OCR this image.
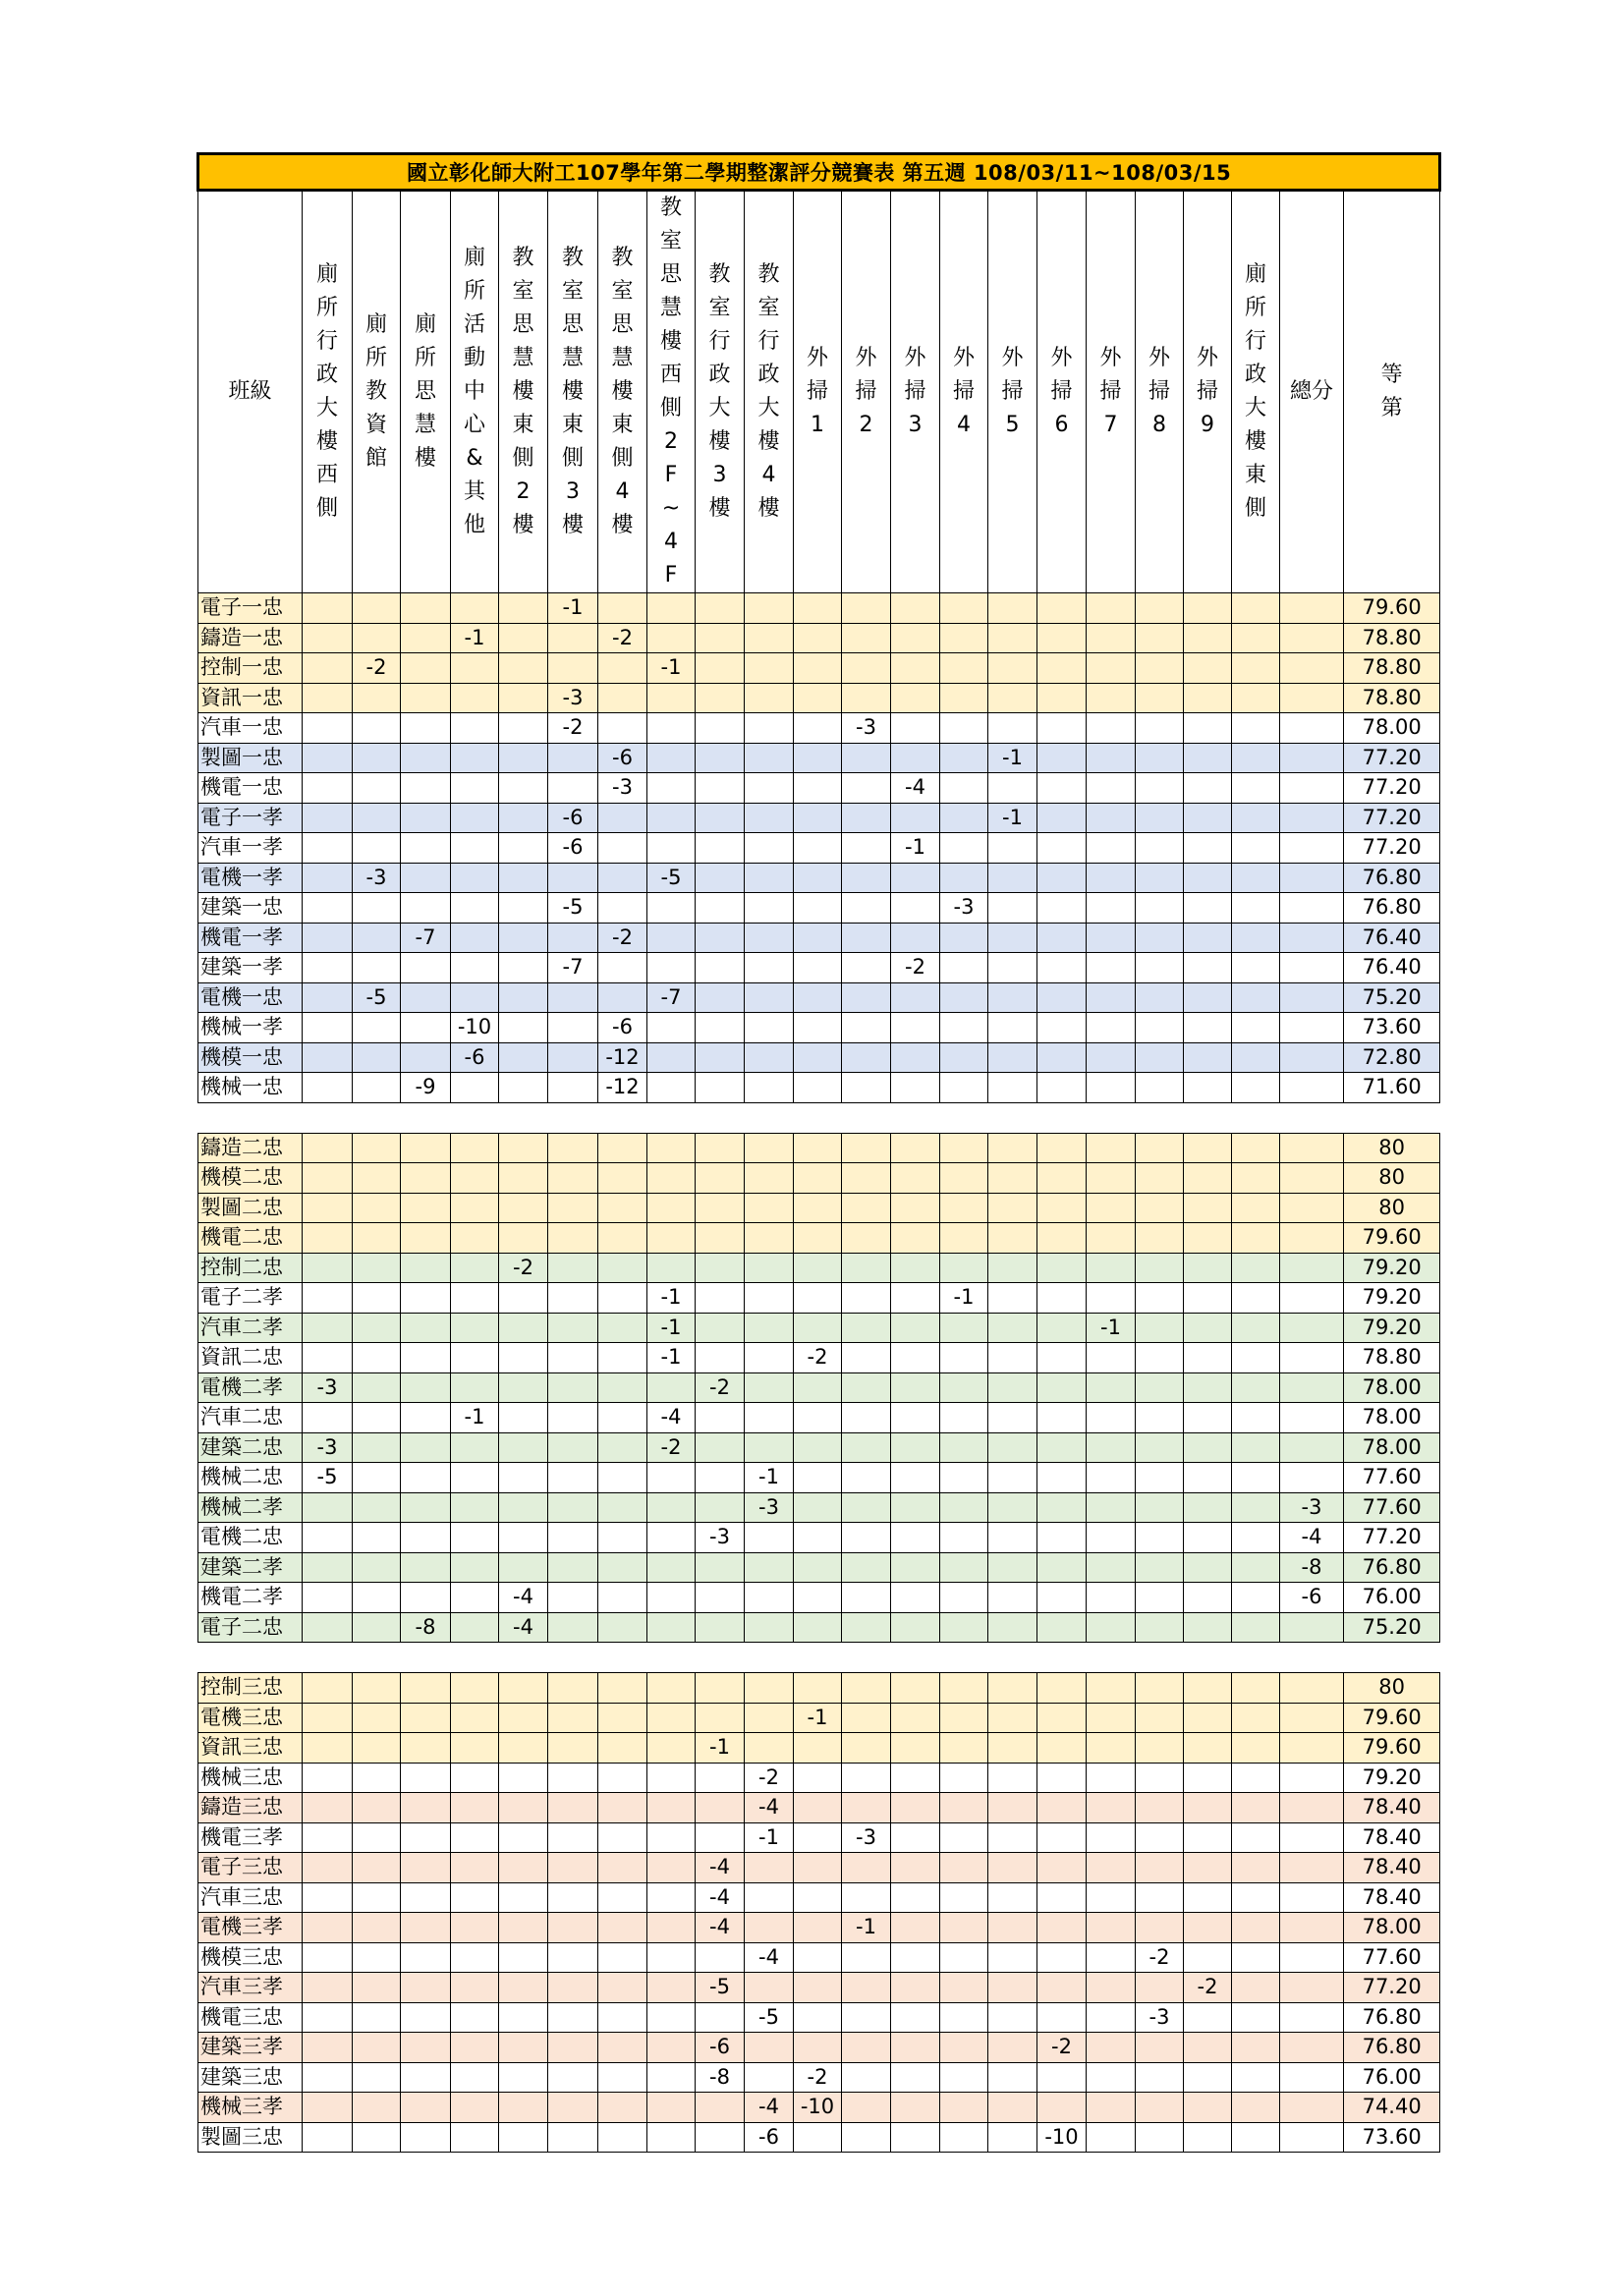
國立彰化師大附工107學年第二學期整潔評分競賽表 第五週 108/03/11~108/03/15																							
班級	廁所行政大樓西側	廁所教資館	廁所思慧樓	廁所活動中心&其他	教室思慧樓東側2樓	教室思慧樓東側3樓	教室思慧樓東側4樓	教室思慧樓西側2F~4F	教室行政大樓3樓	教室行政大樓4樓	外掃1	外掃2	外掃3	外掃4	外掃5	外掃6	外掃7	外掃8	外掃9	廁所行政大樓東側	總分	等第	
電子一忠						-1																79.60	
鑄造一忠				-1			-2															78.80	
控制一忠		-2						-1														78.80	
資訊一忠						-3																78.80	
汽車一忠						-2						-3										78.00	
製圖一忠							-6								-1							77.20	
機電一忠							-3						-4									77.20	
電子一孝						-6									-1							77.20	
汽車一孝						-6							-1									77.20	
電機一孝		-3						-5														76.80	
建築一忠						-5								-3								76.80	
機電一孝			-7				-2															76.40	
建築一孝						-7							-2									76.40	
電機一忠		-5						-7														75.20	
機械一孝				-10			-6															73.60	
機模一忠				-6			-12															72.80	
機械一忠			-9				-12															71.60	

鑄造二忠																						80	
機模二忠																						80	
製圖二忠																						80	
機電二忠																						79.60	
控制二忠					-2																	79.20	
電子二孝								-1						-1								79.20	
汽車二孝								-1									-1					79.20	
資訊二忠								-1			-2											78.80	
電機二孝	-3								-2													78.00	
汽車二忠				-1				-4														78.00	
建築二忠	-3							-2														78.00	
機械二忠	-5									-1												77.60	
機械二孝										-3											-3	77.60	
電機二忠									-3												-4	77.20	
建築二孝																					-8	76.80	
機電二孝					-4																-6	76.00	
電子二忠			-8		-4																	75.20	

控制三忠																						80	
電機三忠											-1											79.60	
資訊三忠									-1													79.60	
機械三忠										-2												79.20	
鑄造三忠										-4												78.40	
機電三孝										-1		-3										78.40	
電子三忠									-4													78.40	
汽車三忠									-4													78.40	
電機三孝									-4			-1										78.00	
機模三忠										-4								-2				77.60	
汽車三孝									-5										-2			77.20	
機電三忠										-5								-3				76.80	
建築三孝									-6							-2						76.80	
建築三忠									-8		-2											76.00	
機械三孝										-4	-10											74.40	
製圖三忠										-6						-10						73.60	
